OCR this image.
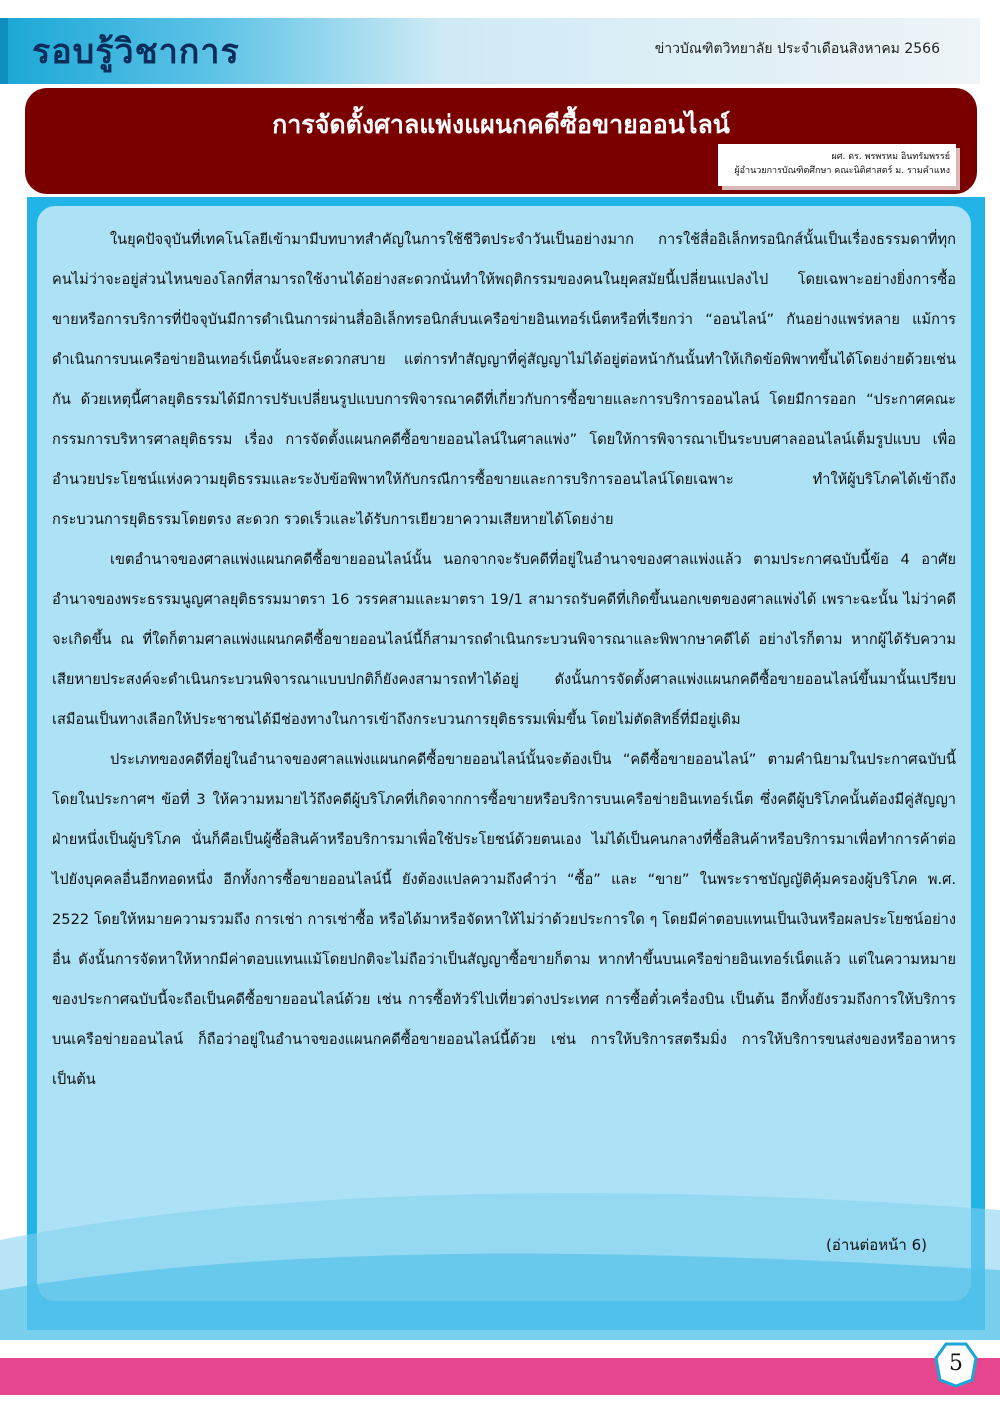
รอบรู้วิชาการ	ข่าวบัณฑิตวิทยาลัย ประจำเดือนสิงหาคม 2566
การจัดตั้งศาลแพ่งแผนกคดีซื้อขายออนไลน์
ผศ. ดร. พรพรหม อินทรัมพรรย์
ผู้อำนวยการบัณฑิตศึกษา คณะนิติศาสตร์ ม. รามคำแหง

ในยุคปัจจุบันที่เทคโนโลยีเข้ามามีบทบาทสำคัญในการใช้ชีวิตประจำวันเป็นอย่างมาก การใช้สื่ออิเล็กทรอนิกส์นั้นเป็นเรื่องธรรมดาที่ทุกคนไม่ว่าจะอยู่ส่วนไหนของโลกที่สามารถใช้งานได้อย่างสะดวกนั่นทำให้พฤติกรรมของคนในยุคสมัยนี้เปลี่ยนแปลงไป โดยเฉพาะอย่างยิ่งการซื้อขายหรือการบริการที่ปัจจุบันมีการดำเนินการผ่านสื่ออิเล็กทรอนิกส์บนเครือข่ายอินเทอร์เน็ตหรือที่เรียกว่า “ออนไลน์” กันอย่างแพร่หลาย แม้การดำเนินการบนเครือข่ายอินเทอร์เน็ตนั้นจะสะดวกสบาย แต่การทำสัญญาที่คู่สัญญาไม่ได้อยู่ต่อหน้ากันนั้นทำให้เกิดข้อพิพาทขึ้นได้โดยง่ายด้วยเช่นกัน ด้วยเหตุนี้ศาลยุติธรรมได้มีการปรับเปลี่ยนรูปแบบการพิจารณาคดีที่เกี่ยวกับการซื้อขายและการบริการออนไลน์ โดยมีการออก “ประกาศคณะกรรมการบริหารศาลยุติธรรม เรื่อง การจัดตั้งแผนกคดีซื้อขายออนไลน์ในศาลแพ่ง” โดยให้การพิจารณาเป็นระบบศาลออนไลน์เต็มรูปแบบ เพื่ออำนวยประโยชน์แห่งความยุติธรรมและระงับข้อพิพาทให้กับกรณีการซื้อขายและการบริการออนไลน์โดยเฉพาะ ทำให้ผู้บริโภคได้เข้าถึงกระบวนการยุติธรรมโดยตรง สะดวก รวดเร็วและได้รับการเยียวยาความเสียหายได้โดยง่าย

เขตอำนาจของศาลแพ่งแผนกคดีซื้อขายออนไลน์นั้น นอกจากจะรับคดีที่อยู่ในอำนาจของศาลแพ่งแล้ว ตามประกาศฉบับนี้ข้อ 4 อาศัยอำนาจของพระธรรมนูญศาลยุติธรรมมาตรา 16 วรรคสามและมาตรา 19/1 สามารถรับคดีที่เกิดขึ้นนอกเขตของศาลแพ่งได้ เพราะฉะนั้น ไม่ว่าคดีจะเกิดขึ้น ณ ที่ใดก็ตามศาลแพ่งแผนกคดีซื้อขายออนไลน์นี้ก็สามารถดำเนินกระบวนพิจารณาและพิพากษาคดีได้ อย่างไรก็ตาม หากผู้ได้รับความเสียหายประสงค์จะดำเนินกระบวนพิจารณาแบบปกติก็ยังคงสามารถทำได้อยู่ ดังนั้นการจัดตั้งศาลแพ่งแผนกคดีซื้อขายออนไลน์ขึ้นมานั้นเปรียบเสมือนเป็นทางเลือกให้ประชาชนได้มีช่องทางในการเข้าถึงกระบวนการยุติธรรมเพิ่มขึ้น โดยไม่ตัดสิทธิ์ที่มีอยู่เดิม

ประเภทของคดีที่อยู่ในอำนาจของศาลแพ่งแผนกคดีซื้อขายออนไลน์นั้นจะต้องเป็น “คดีซื้อขายออนไลน์” ตามคำนิยามในประกาศฉบับนี้ โดยในประกาศฯ ข้อที่ 3 ให้ความหมายไว้ถึงคดีผู้บริโภคที่เกิดจากการซื้อขายหรือบริการบนเครือข่ายอินเทอร์เน็ต ซึ่งคดีผู้บริโภคนั้นต้องมีคู่สัญญาฝ่ายหนึ่งเป็นผู้บริโภค นั่นก็คือเป็นผู้ซื้อสินค้าหรือบริการมาเพื่อใช้ประโยชน์ด้วยตนเอง ไม่ได้เป็นคนกลางที่ซื้อสินค้าหรือบริการมาเพื่อทำการค้าต่อไปยังบุคคลอื่นอีกทอดหนึ่ง อีกทั้งการซื้อขายออนไลน์นี้ ยังต้องแปลความถึงคำว่า “ซื้อ” และ “ขาย” ในพระราชบัญญัติคุ้มครองผู้บริโภค พ.ศ. 2522 โดยให้หมายความรวมถึง การเช่า การเช่าซื้อ หรือได้มาหรือจัดหาให้ไม่ว่าด้วยประการใด ๆ โดยมีค่าตอบแทนเป็นเงินหรือผลประโยชน์อย่างอื่น ดังนั้นการจัดหาให้หากมีค่าตอบแทนแม้โดยปกติจะไม่ถือว่าเป็นสัญญาซื้อขายก็ตาม หากทำขึ้นบนเครือข่ายอินเทอร์เน็ตแล้ว แต่ในความหมายของประกาศฉบับนี้จะถือเป็นคดีซื้อขายออนไลน์ด้วย เช่น การซื้อทัวร์ไปเที่ยวต่างประเทศ การซื้อตั๋วเครื่องบิน เป็นต้น อีกทั้งยังรวมถึงการให้บริการบนเครือข่ายออนไลน์ ก็ถือว่าอยู่ในอำนาจของแผนกคดีซื้อขายออนไลน์นี้ด้วย เช่น การให้บริการสตรีมมิ่ง การให้บริการขนส่งของหรืออาหาร เป็นต้น

(อ่านต่อหน้า 6)
5
